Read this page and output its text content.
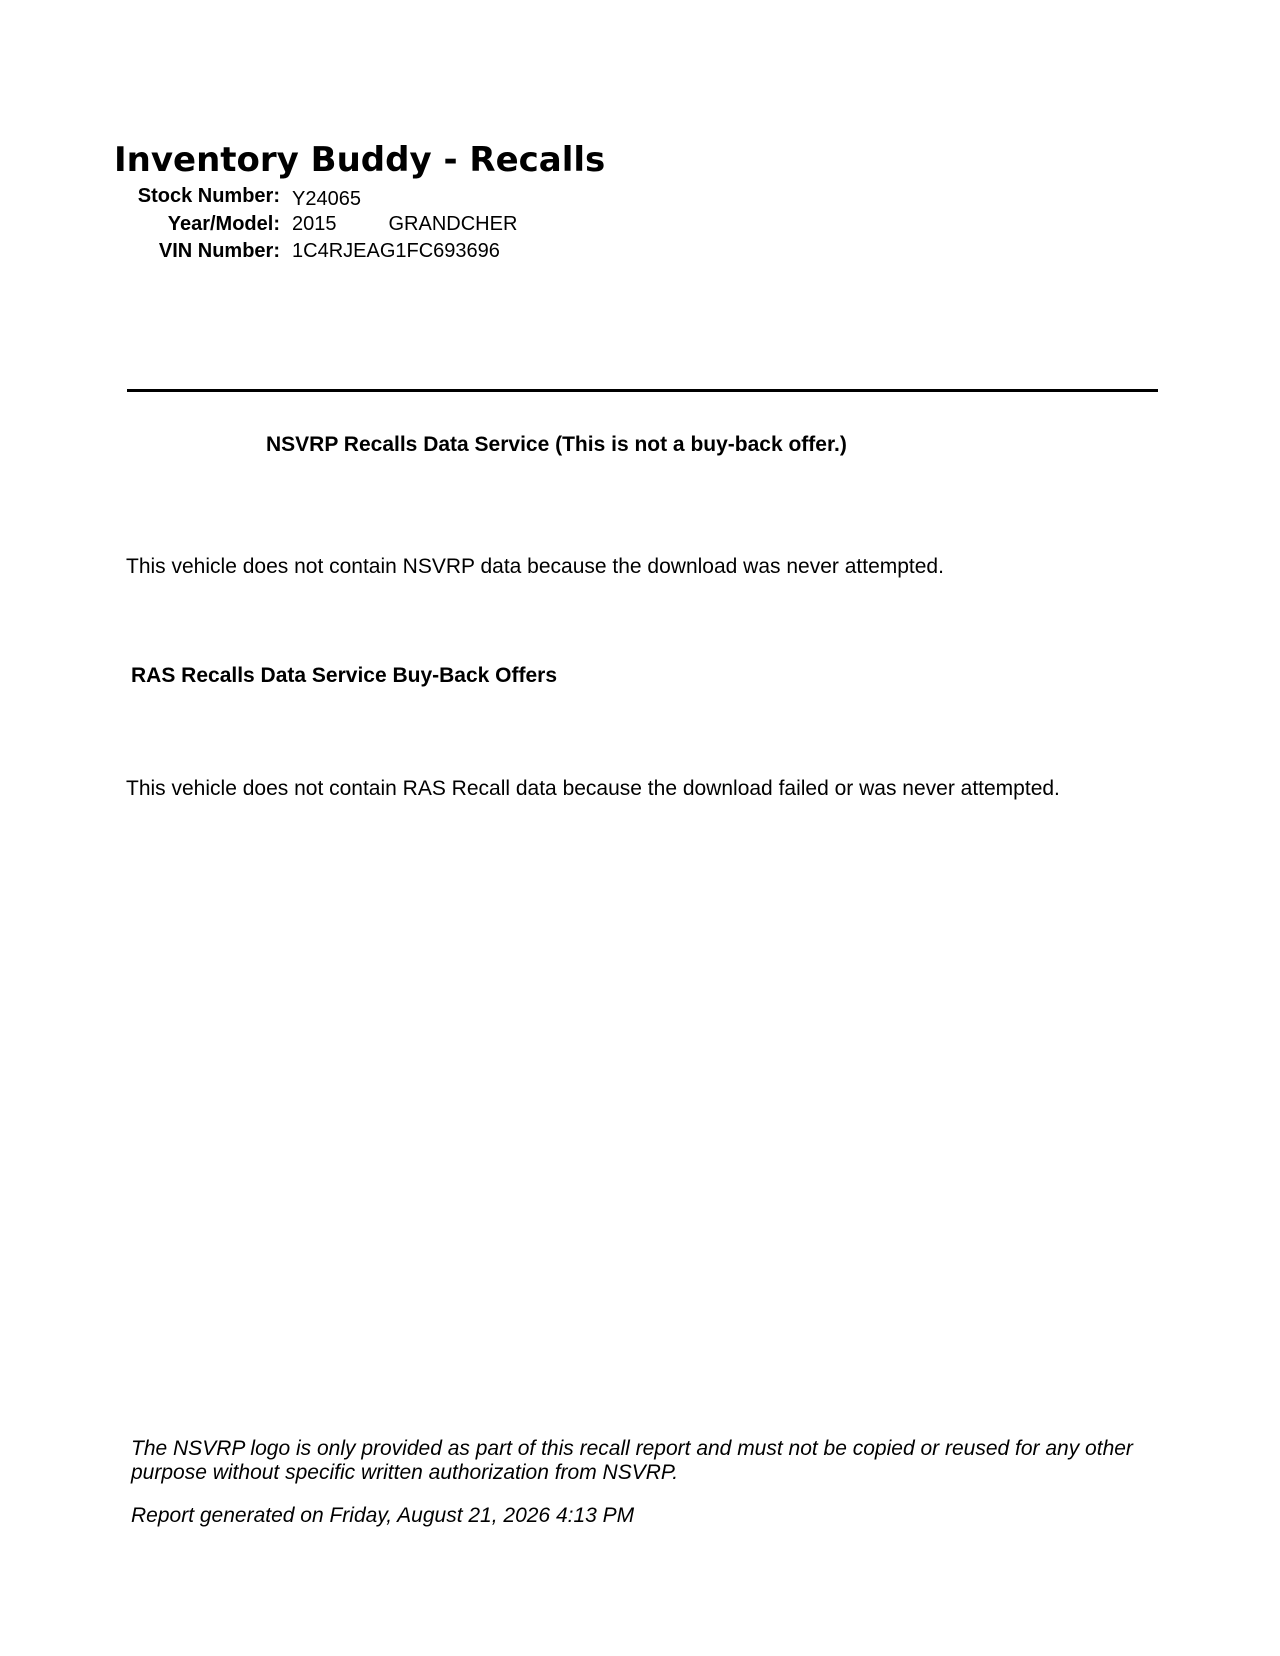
Inventory Buddy - Recalls
Stock Number: Y24065
Year/Model: 2015	GRANDCHER
VIN Number: 1C4RJEAG1FC693696
NSVRP Recalls Data Service (This is not a buy-back offer.)

This vehicle does not contain NSVRP data because the download was never attempted.

RAS Recalls Data Service Buy-Back Offers

This vehicle does not contain RAS Recall data because the download failed or was never attempted.

The NSVRP logo is only provided as part of this recall report and must not be copied or reused for any other purpose without specific written authorization from NSVRP.

Report generated on Friday, August 21, 2026 4:13 PM
